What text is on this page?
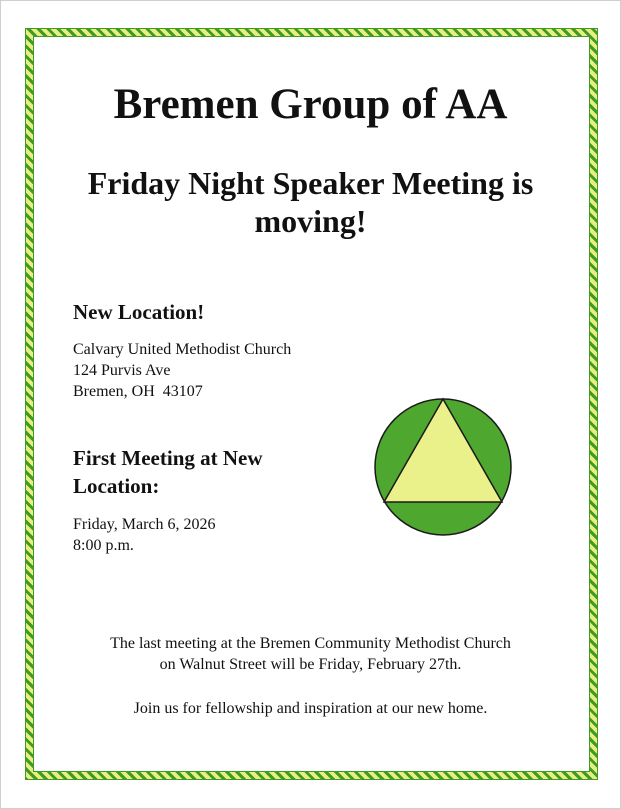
Bremen Group of AA
Friday Night Speaker Meeting is moving!
New Location!
Calvary United Methodist Church
124 Purvis Ave
Bremen, OH  43107
First Meeting at New Location:
Friday, March 6, 2026
8:00 p.m.
The last meeting at the Bremen Community Methodist Church
on Walnut Street will be Friday, February 27th.
Join us for fellowship and inspiration at our new home.
